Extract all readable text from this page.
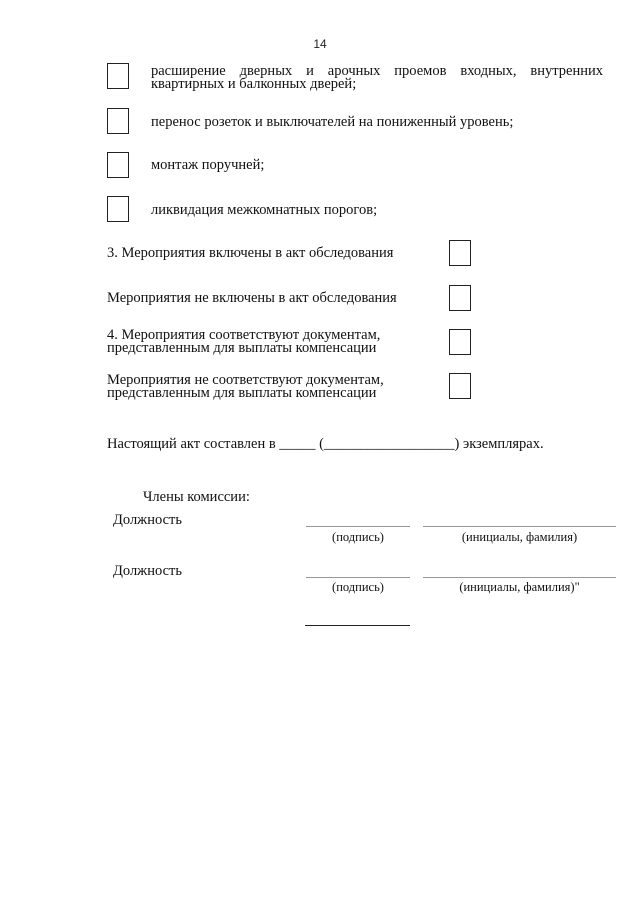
14
расширение дверных и арочных проемов входных, внутренних
квартирных и балконных дверей;
перенос розеток и выключателей на пониженный уровень;
монтаж поручней;
ликвидация межкомнатных порогов;
3. Мероприятия включены в акт обследования
Мероприятия не включены в акт обследования
4. Мероприятия соответствуют документам,
представленным для выплаты компенсации
Мероприятия не соответствуют документам,
представленным для выплаты компенсации
Настоящий акт составлен в _____ (__________________) экземплярах.
Члены комиссии:
Должность
(подпись)	(инициалы, фамилия)
Должность
(подпись)	(инициалы, фамилия)"
